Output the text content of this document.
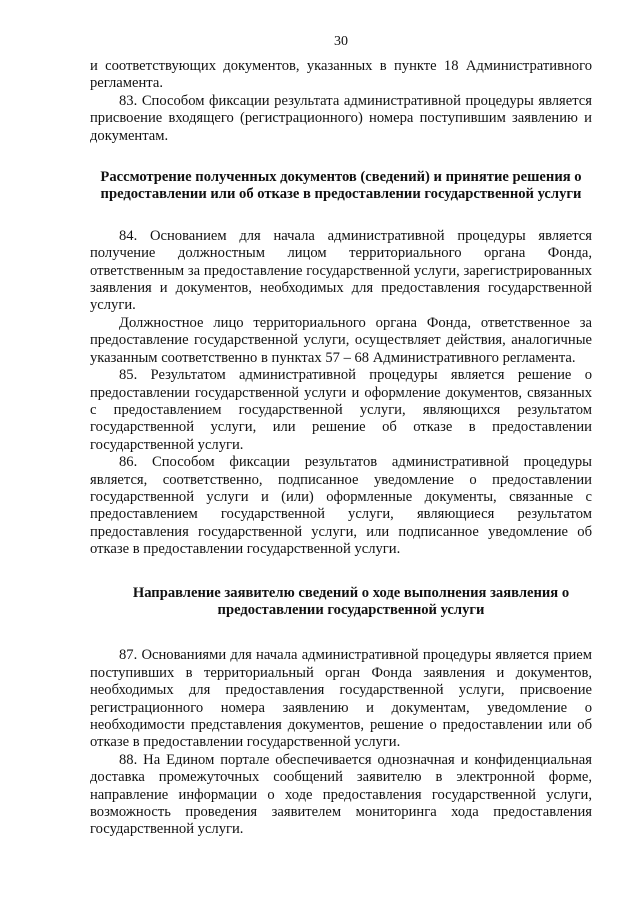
30

и соответствующих документов, указанных в пункте 18 Административного регламента.

83. Способом фиксации результата административной процедуры является присвоение входящего (регистрационного) номера поступившим заявлению и документам.

Рассмотрение полученных документов (сведений) и принятие решения о предоставлении или об отказе в предоставлении государственной услуги

84. Основанием для начала административной процедуры является получение должностным лицом территориального органа Фонда, ответственным за предоставление государственной услуги, зарегистрированных заявления и документов, необходимых для предоставления государственной услуги.

Должностное лицо территориального органа Фонда, ответственное за предоставление государственной услуги, осуществляет действия, аналогичные указанным соответственно в пунктах 57 – 68 Административного регламента.

85. Результатом административной процедуры является решение о предоставлении государственной услуги и оформление документов, связанных с предоставлением государственной услуги, являющихся результатом государственной услуги, или решение об отказе в предоставлении государственной услуги.

86. Способом фиксации результатов административной процедуры является, соответственно, подписанное уведомление о предоставлении государственной услуги и (или) оформленные документы, связанные с предоставлением государственной услуги, являющиеся результатом предоставления государственной услуги, или подписанное уведомление об отказе в предоставлении государственной услуги.

Направление заявителю сведений о ходе выполнения заявления о предоставлении государственной услуги

87. Основаниями для начала административной процедуры является прием поступивших в территориальный орган Фонда заявления и документов, необходимых для предоставления государственной услуги, присвоение регистрационного номера заявлению и документам, уведомление о необходимости представления документов, решение о предоставлении или об отказе в предоставлении государственной услуги.

88. На Едином портале обеспечивается однозначная и конфиденциальная доставка промежуточных сообщений заявителю в электронной форме, направление информации о ходе предоставления государственной услуги, возможность проведения заявителем мониторинга хода предоставления государственной услуги.
